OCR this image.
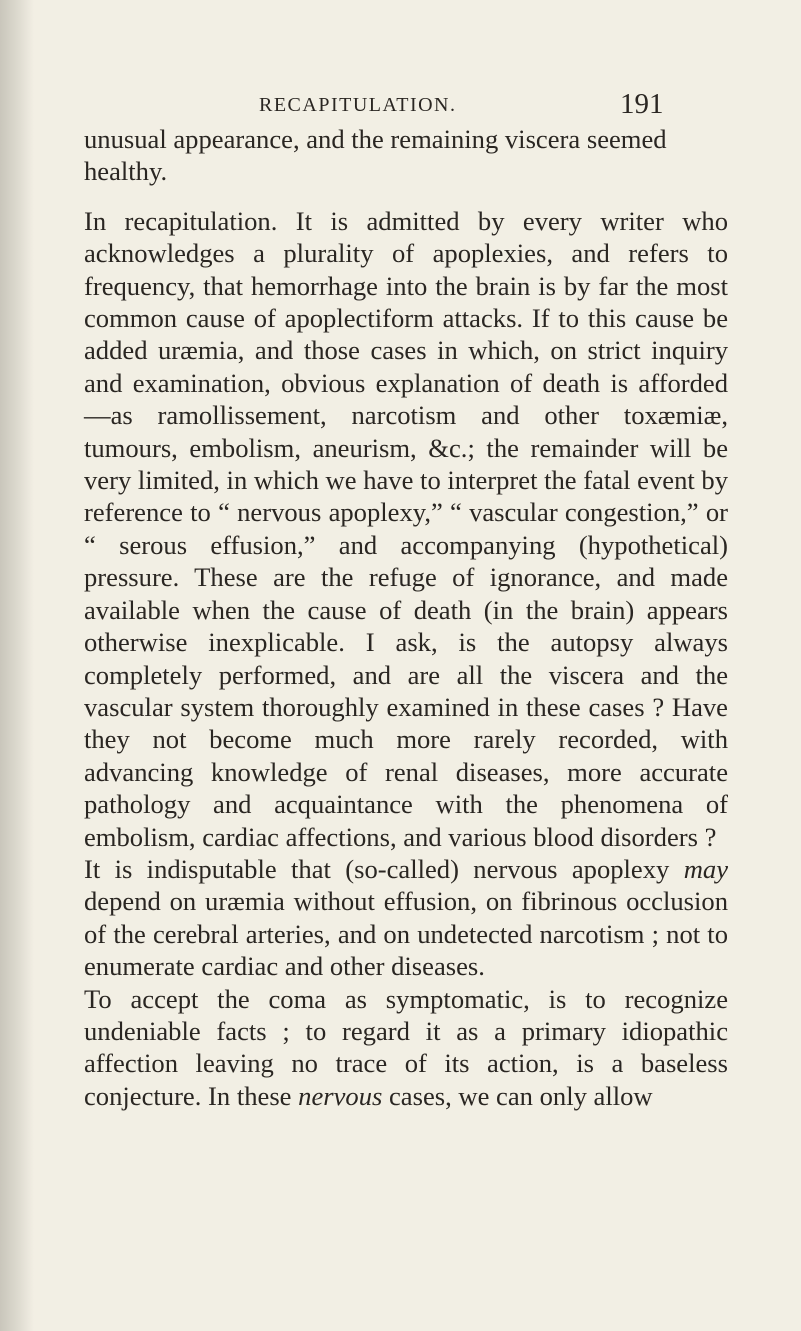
RECAPITULATION.	191

unusual appearance, and the remaining viscera seemed healthy.

In recapitulation. It is admitted by every writer who acknowledges a plurality of apoplexies, and refers to frequency, that hemorrhage into the brain is by far the most common cause of apoplectiform attacks. If to this cause be added uræmia, and those cases in which, on strict inquiry and examination, obvious explanation of death is afforded—as ramollissement, narcotism and other toxæmiæ, tumours, embolism, aneurism, &c.; the remainder will be very limited, in which we have to interpret the fatal event by reference to “ nervous apoplexy,” “ vascular congestion,” or “ serous effusion,” and accompanying (hypothetical) pressure. These are the refuge of ignorance, and made available when the cause of death (in the brain) appears otherwise inexplicable. I ask, is the autopsy always completely performed, and are all the viscera and the vascular system thoroughly examined in these cases ? Have they not become much more rarely recorded, with advancing knowledge of renal diseases, more accurate pathology and acquaintance with the phenomena of embolism, cardiac affections, and various blood disorders ?

It is indisputable that (so-called) nervous apoplexy may depend on uræmia without effusion, on fibrinous occlusion of the cerebral arteries, and on undetected narcotism ; not to enumerate cardiac and other diseases.

To accept the coma as symptomatic, is to recognize undeniable facts ; to regard it as a primary idiopathic affection leaving no trace of its action, is a baseless conjecture. In these nervous cases, we can only allow
